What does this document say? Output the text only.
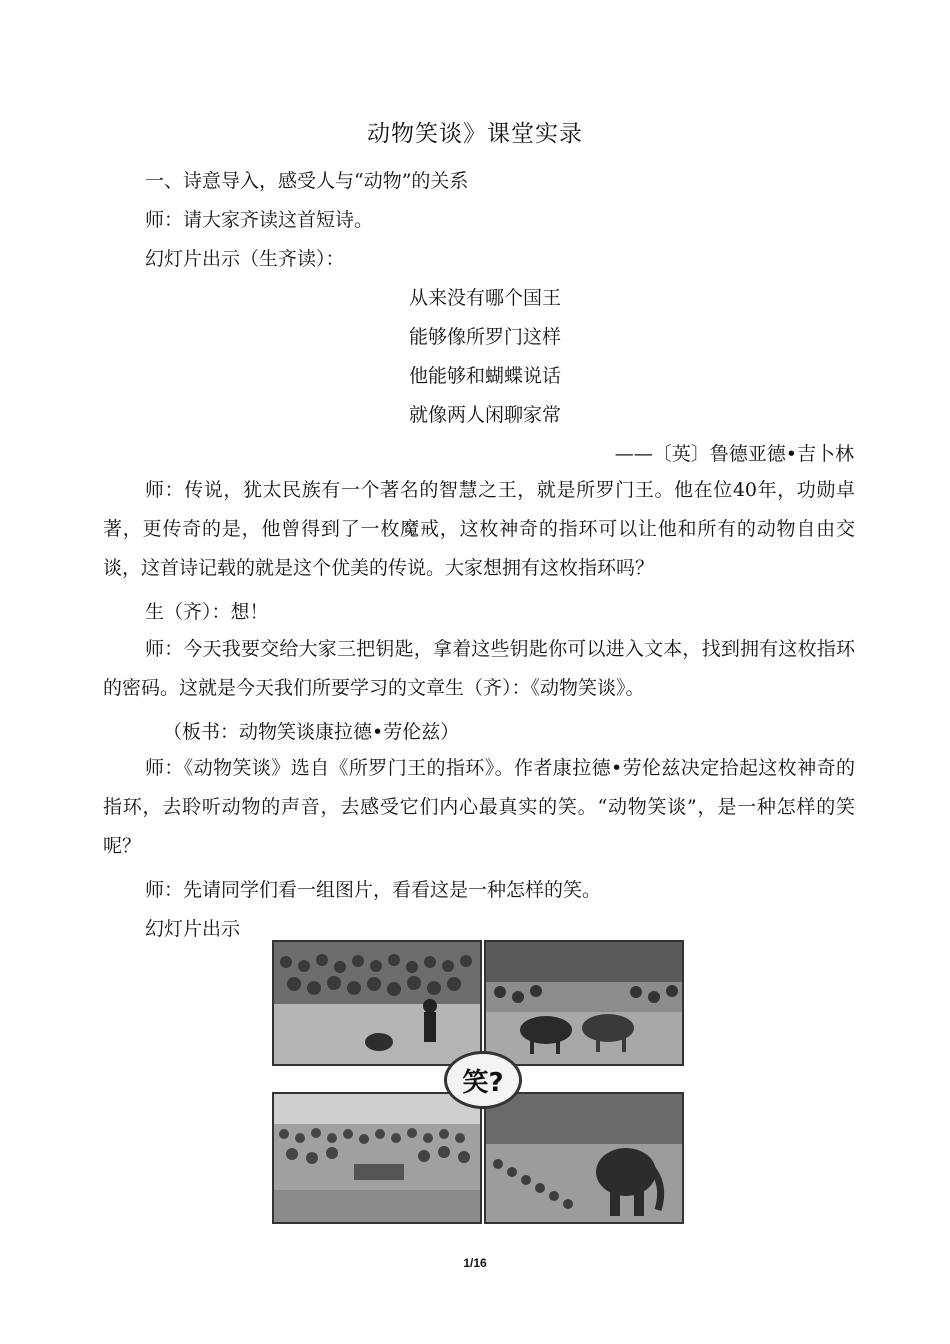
动物笑谈》课堂实录
一、诗意导入，感受人与“动物”的关系
师：请大家齐读这首短诗。
幻灯片出示（生齐读）：
从来没有哪个国王
能够像所罗门这样
他能够和蝴蝶说话
就像两人闲聊家常
——〔英〕鲁德亚德•吉卜林
师：传说，犹太民族有一个著名的智慧之王，就是所罗门王。他在位40年，功勋卓著，更传奇的是，他曾得到了一枚魔戒，这枚神奇的指环可以让他和所有的动物自由交谈，这首诗记载的就是这个优美的传说。大家想拥有这枚指环吗？
生（齐）：想！
师：今天我要交给大家三把钥匙，拿着这些钥匙你可以进入文本，找到拥有这枚指环的密码。这就是今天我们所要学习的文章生（齐）：《动物笑谈》。
（板书：动物笑谈康拉德•劳伦兹）
师：《动物笑谈》选自《所罗门王的指环》。作者康拉德•劳伦兹决定拾起这枚神奇的指环，去聆听动物的声音，去感受它们内心最真实的笑。“动物笑谈”，是一种怎样的笑呢？
师：先请同学们看一组图片，看看这是一种怎样的笑。
幻灯片出示
笑?
1/16
